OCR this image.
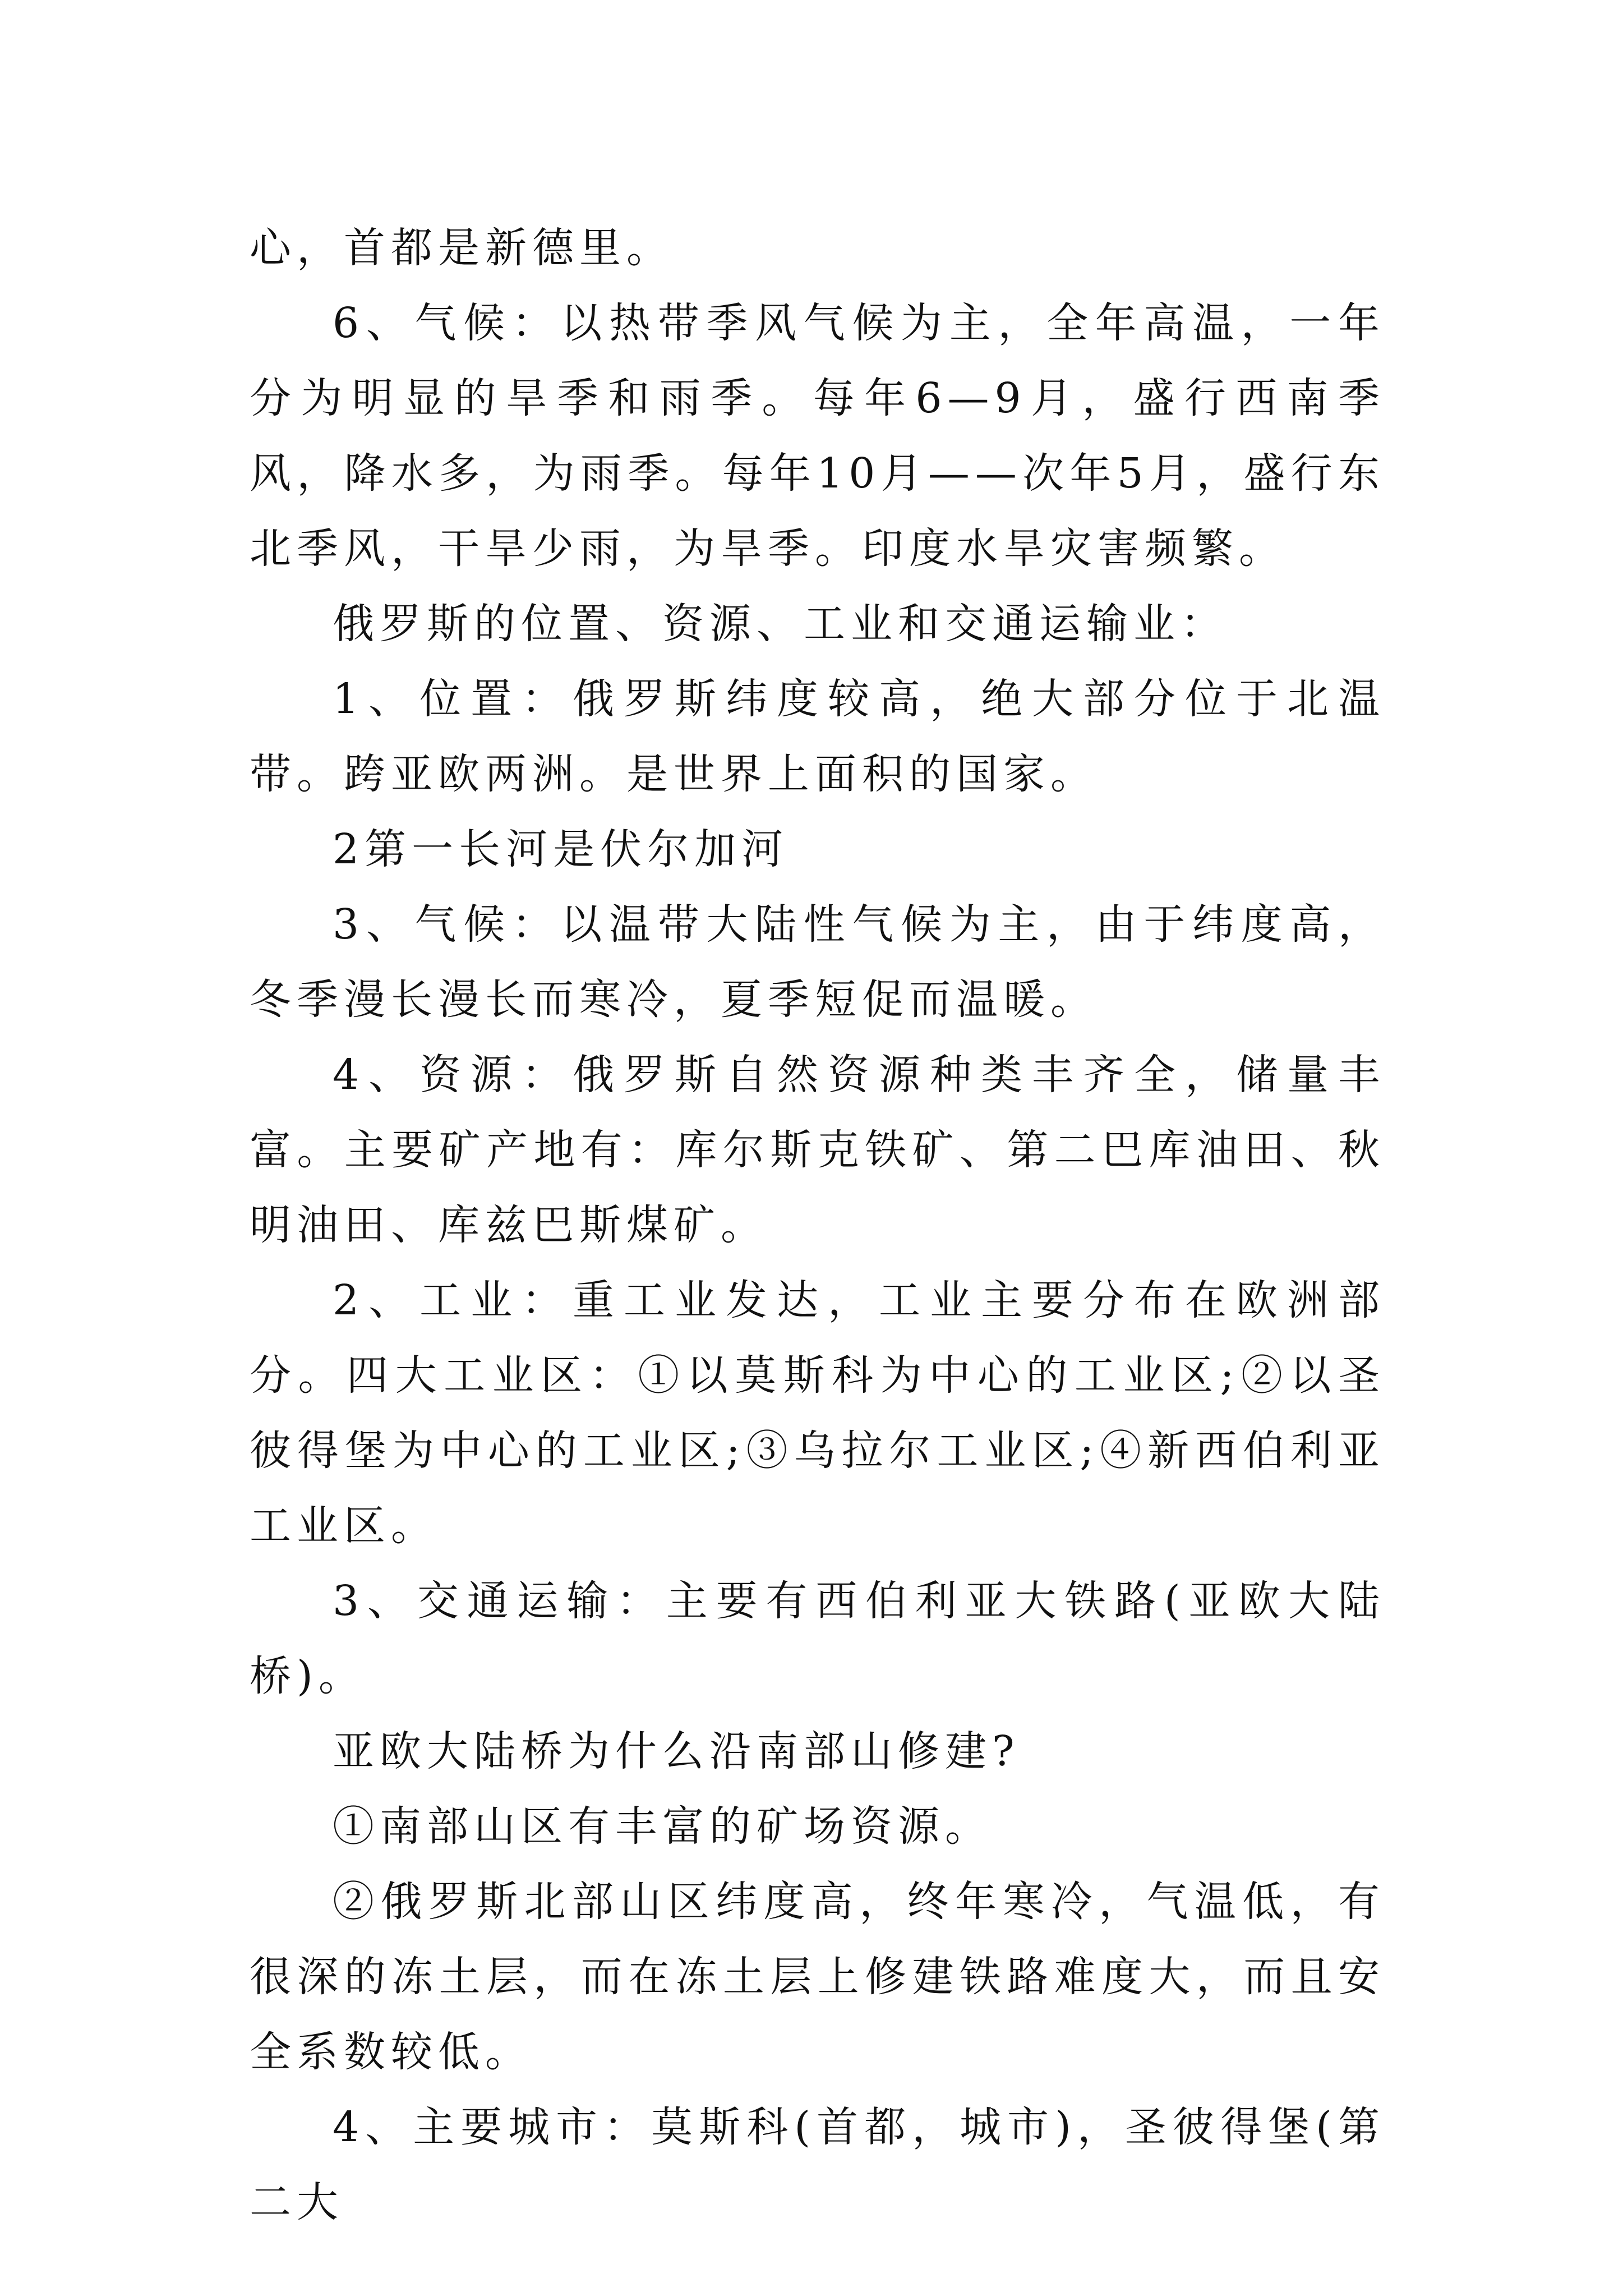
心，首都是新德里。

6、气候：以热带季风气候为主，全年高温，一年分为明显的旱季和雨季。每年6—9月，盛行西南季风，降水多，为雨季。每年10月——次年5月，盛行东北季风，干旱少雨，为旱季。印度水旱灾害频繁。

俄罗斯的位置、资源、工业和交通运输业：

1、位置：俄罗斯纬度较高，绝大部分位于北温带。跨亚欧两洲。是世界上面积的国家。

2第一长河是伏尔加河

3、气候：以温带大陆性气候为主，由于纬度高，冬季漫长漫长而寒冷，夏季短促而温暖。

4、资源：俄罗斯自然资源种类丰齐全，储量丰富。主要矿产地有：库尔斯克铁矿、第二巴库油田、秋明油田、库兹巴斯煤矿。

2、工业：重工业发达，工业主要分布在欧洲部分。四大工业区：①以莫斯科为中心的工业区;②以圣彼得堡为中心的工业区;③乌拉尔工业区;④新西伯利亚工业区。

3、交通运输：主要有西伯利亚大铁路(亚欧大陆桥)。

亚欧大陆桥为什么沿南部山修建?

①南部山区有丰富的矿场资源。

②俄罗斯北部山区纬度高，终年寒冷，气温低，有很深的冻土层，而在冻土层上修建铁路难度大，而且安全系数较低。

4、主要城市：莫斯科(首都，城市)，圣彼得堡(第二大
